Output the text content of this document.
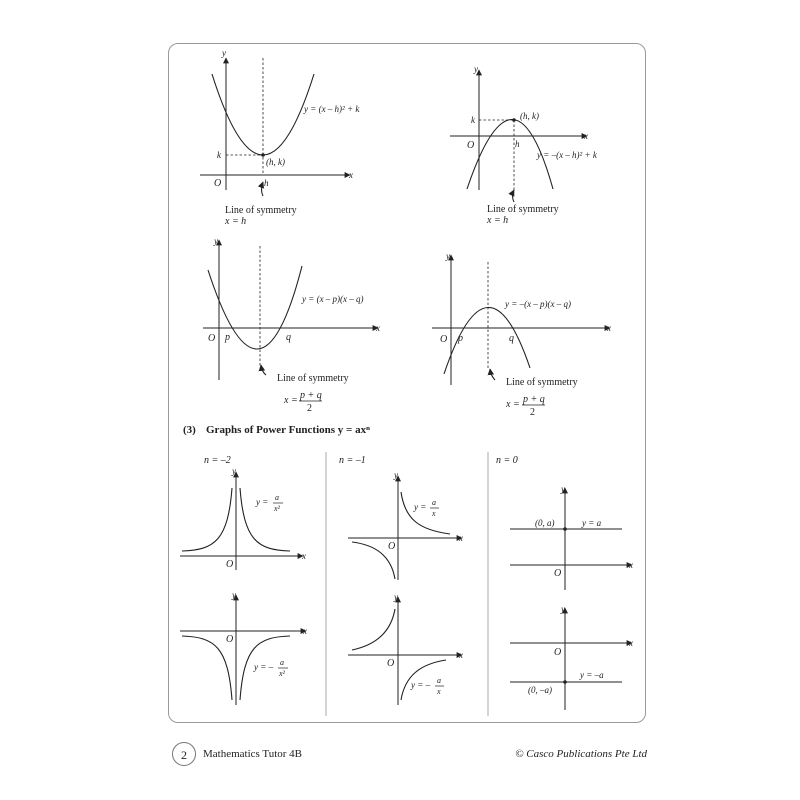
y
x
O
y = (x – h)² + k
(h, k)
k
h
Line of symmetry
x = h
y
x
O
(h, k)
k
h
y = –(x – h)² + k
Line of symmetry
x = h
y
x
O p	q
y = (x – p)(x – q)
Line of symmetry
x = p + q
2
y
x
O p	q
y = –(x – p)(x – q)
Line of symmetry
x = p + q
2
(3) Graphs of Power Functions y = axⁿ
n = –2
y
x
O
y = a
x²
y
x
O
y = – a
x²
n = –1
y
x
O
y = a
x
y
x
O
y = – a
x
n = 0
y
x
O
(0, a)	y = a
y
x
O
y = –a
(0, –a)
2	Mathematics Tutor 4B	© Casco Publications Pte Ltd
